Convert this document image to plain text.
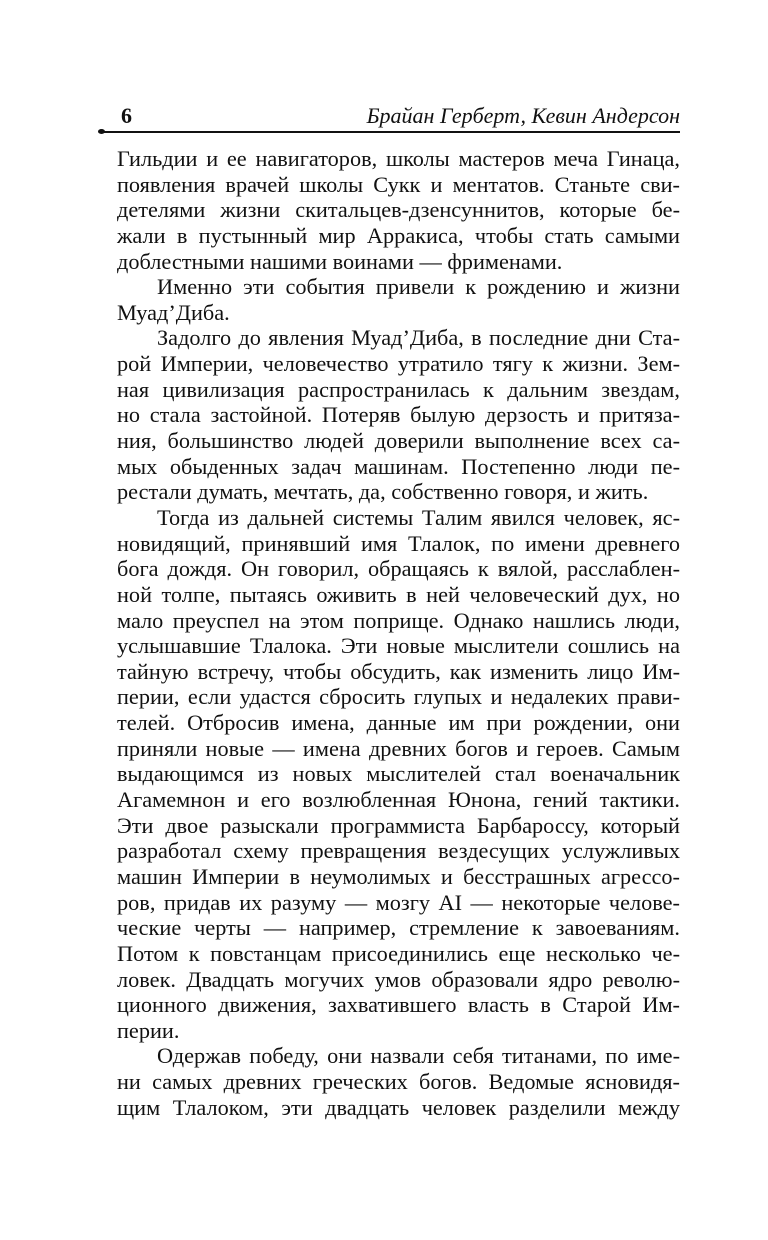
6	Брайан Герберт, Кевин Андерсон
Гильдии и ее навигаторов, школы мастеров меча Гинаца,
появления врачей школы Сукк и ментатов. Станьте сви-
детелями жизни скитальцев-дзенсуннитов, которые бе-
жали в пустынный мир Арракиса, чтобы стать самыми
доблестными нашими воинами — фрименами.
Именно эти события привели к рождению и жизни
Муад’Диба.
Задолго до явления Муад’Диба, в последние дни Ста-
рой Империи, человечество утратило тягу к жизни. Зем-
ная цивилизация распространилась к дальним звездам,
но стала застойной. Потеряв былую дерзость и притяза-
ния, большинство людей доверили выполнение всех са-
мых обыденных задач машинам. Постепенно люди пе-
рестали думать, мечтать, да, собственно говоря, и жить.
Тогда из дальней системы Талим явился человек, яс-
новидящий, принявший имя Тлалок, по имени древнего
бога дождя. Он говорил, обращаясь к вялой, расслаблен-
ной толпе, пытаясь оживить в ней человеческий дух, но
мало преуспел на этом поприще. Однако нашлись люди,
услышавшие Тлалока. Эти новые мыслители сошлись на
тайную встречу, чтобы обсудить, как изменить лицо Им-
перии, если удастся сбросить глупых и недалеких прави-
телей. Отбросив имена, данные им при рождении, они
приняли новые — имена древних богов и героев. Самым
выдающимся из новых мыслителей стал военачальник
Агамемнон и его возлюбленная Юнона, гений тактики.
Эти двое разыскали программиста Барбароссу, который
разработал схему превращения вездесущих услужливых
машин Империи в неумолимых и бесстрашных агрессо-
ров, придав их разуму — мозгу AI — некоторые челове-
ческие черты — например, стремление к завоеваниям.
Потом к повстанцам присоединились еще несколько че-
ловек. Двадцать могучих умов образовали ядро револю-
ционного движения, захватившего власть в Старой Им-
перии.
Одержав победу, они назвали себя титанами, по име-
ни самых древних греческих богов. Ведомые ясновидя-
щим Тлалоком, эти двадцать человек разделили между
